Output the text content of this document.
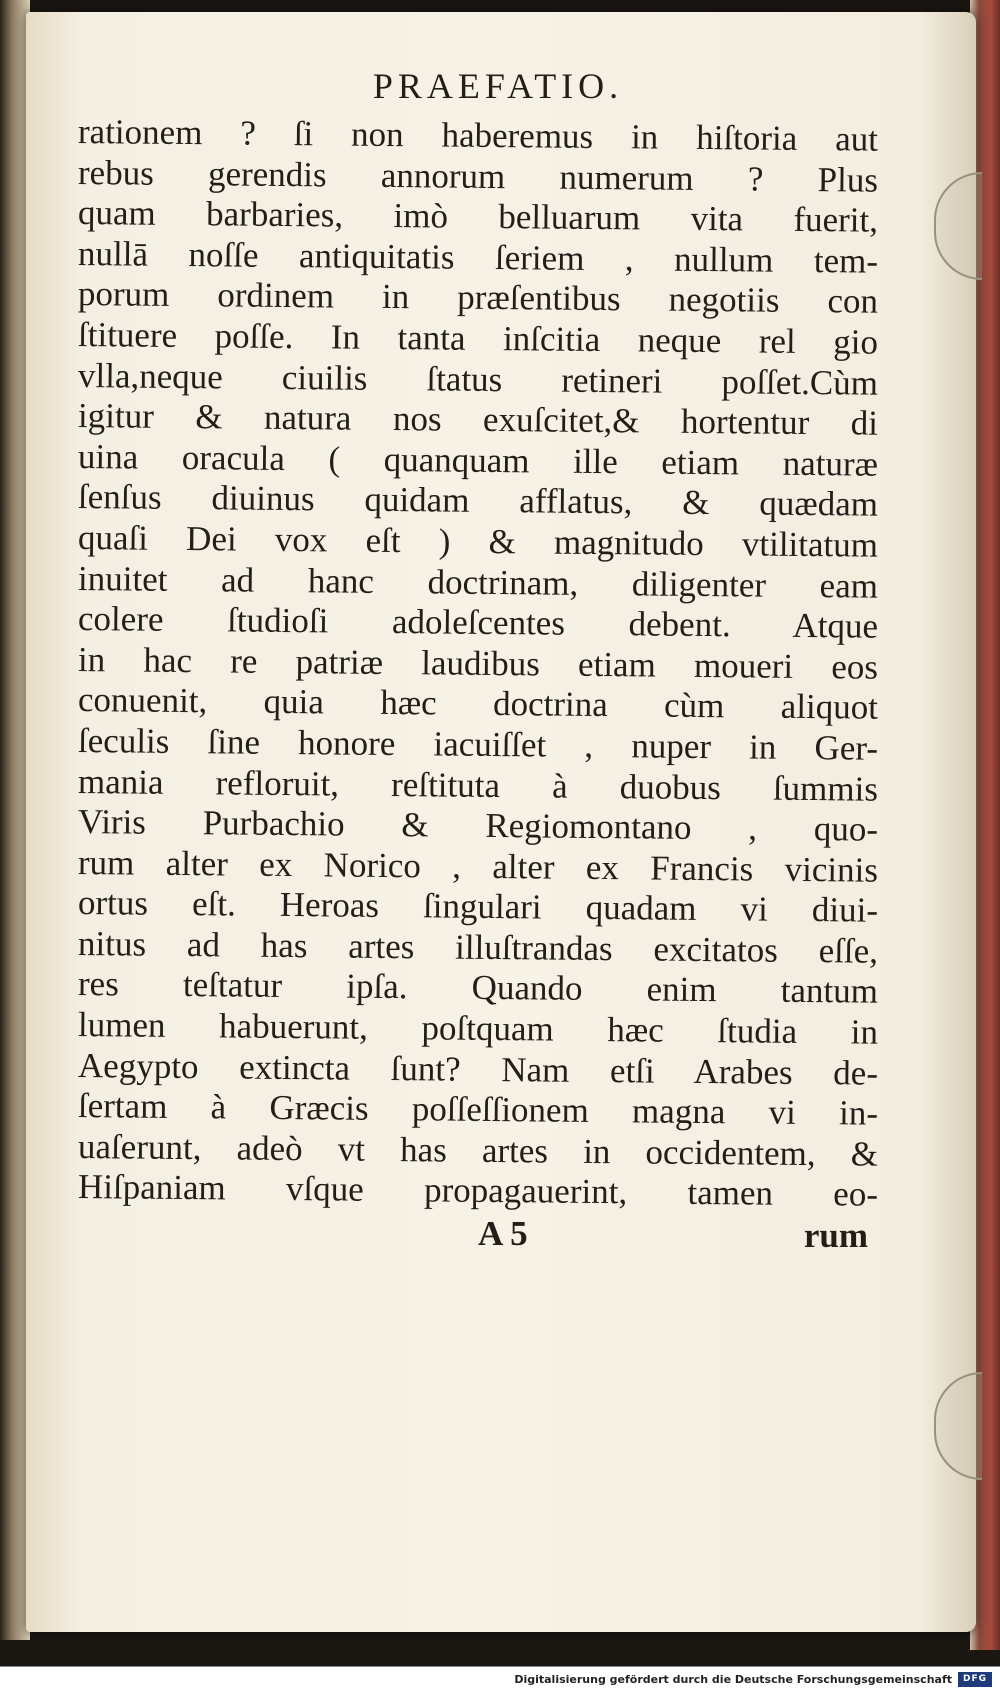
PRAEFATIO.
rationem ? ſi non haberemus in hiſtoria aut
rebus gerendis annorum numerum ? Plus
quam barbaries, imò belluarum vita fuerit,
nullā noſſe antiquitatis ſeriem , nullum tem-
porum ordinem in præſentibus negotiis con
ſtituere poſſe. In tanta inſcitia neque rel gio
vlla,neque ciuilis ſtatus retineri poſſet.Cùm
igitur & natura nos exuſcitet,& hortentur di
uina oracula ( quanquam ille etiam naturæ
ſenſus diuinus quidam afflatus, & quædam
quaſi Dei vox eſt ) & magnitudo vtilitatum
inuitet ad hanc doctrinam, diligenter eam
colere ſtudioſi adoleſcentes debent. Atque
in hac re patriæ laudibus etiam moueri eos
conuenit, quia hæc doctrina cùm aliquot
ſeculis ſine honore iacuiſſet , nuper in Ger-
mania refloruit, reſtituta à duobus ſummis
Viris Purbachio & Regiomontano , quo-
rum alter ex Norico , alter ex Francis vicinis
ortus eſt. Heroas ſingulari quadam vi diui-
nitus ad has artes illuſtrandas excitatos eſſe,
res teſtatur ipſa. Quando enim tantum
lumen habuerunt, poſtquam hæc ſtudia in
Aegypto extincta ſunt? Nam etſi Arabes de-
ſertam à Græcis poſſeſſionem magna vi in-
uaſerunt, adeò vt has artes in occidentem, &
Hiſpaniam vſque propagauerint, tamen eo-
A 5	rum
Digitalisierung gefördert durch die Deutsche Forschungsgemeinschaft	DFG
